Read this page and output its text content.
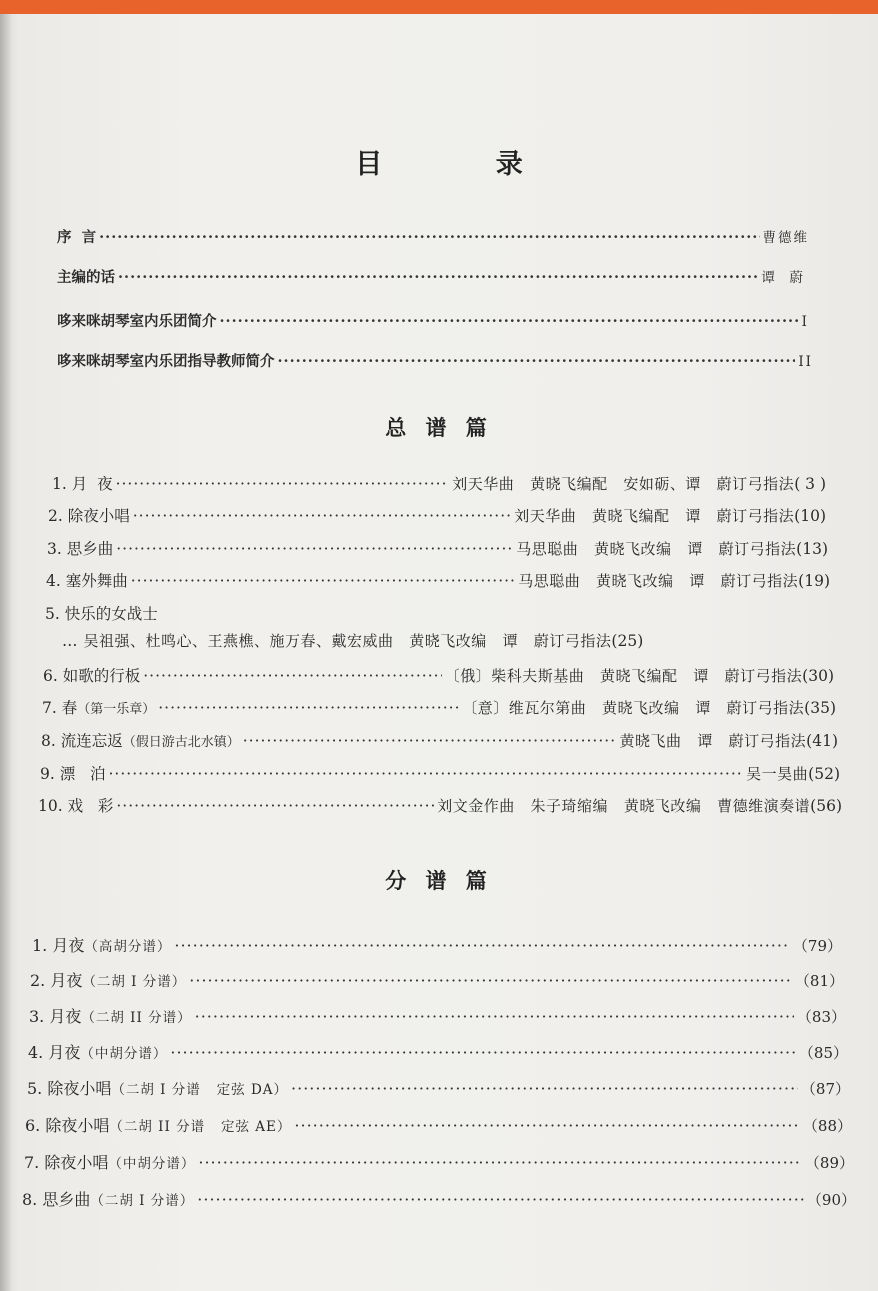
目 录
序  言 ·····	曹德维
主编的话 ·····	谭  蔚
哆来咪胡琴室内乐团简介 ·····	I
哆来咪胡琴室内乐团指导教师简介 ·····	II
总 谱 篇
1. 月  夜 ·····	刘天华曲   黄晓飞编配   安如砺、谭   蔚订弓指法 ( 3 )
2. 除夜小唱 ·····	刘天华曲   黄晓飞编配   谭   蔚订弓指法 (10)
3. 思乡曲 ·····	马思聪曲   黄晓飞改编   谭   蔚订弓指法 (13)
4. 塞外舞曲 ·····	马思聪曲   黄晓飞改编   谭   蔚订弓指法 (19)
5. 快乐的女战士
… 吴祖强、杜鸣心、王燕樵、施万春、戴宏威曲   黄晓飞改编   谭   蔚订弓指法 (25)
6. 如歌的行板 ·····	〔俄〕柴科夫斯基曲   黄晓飞编配   谭   蔚订弓指法 (30)
7. 春 （第一乐章） ·····	〔意〕维瓦尔第曲   黄晓飞改编   谭   蔚订弓指法 (35)
8. 流连忘返 （假日游古北水镇） ·····	黄晓飞曲   谭   蔚订弓指法 (41)
9. 漂   泊 ·····	吴一昊曲 (52)
10. 戏   彩 ·····	刘文金作曲   朱子琦缩编   黄晓飞改编   曹德维演奏谱 (56)
分 谱 篇
1. 月夜 （高胡分谱） ·····	（79）
2. 月夜 （二胡 I 分谱） ·····	（81）
3. 月夜 （二胡 II 分谱） ·····	（83）
4. 月夜 （中胡分谱） ·····	（85）
5. 除夜小唱 （二胡 I 分谱   定弦 DA） ·····	（87）
6. 除夜小唱 （二胡 II 分谱   定弦 AE） ·····	（88）
7. 除夜小唱 （中胡分谱） ·····	（89）
8. 思乡曲 （二胡 I 分谱） ·····	（90）
